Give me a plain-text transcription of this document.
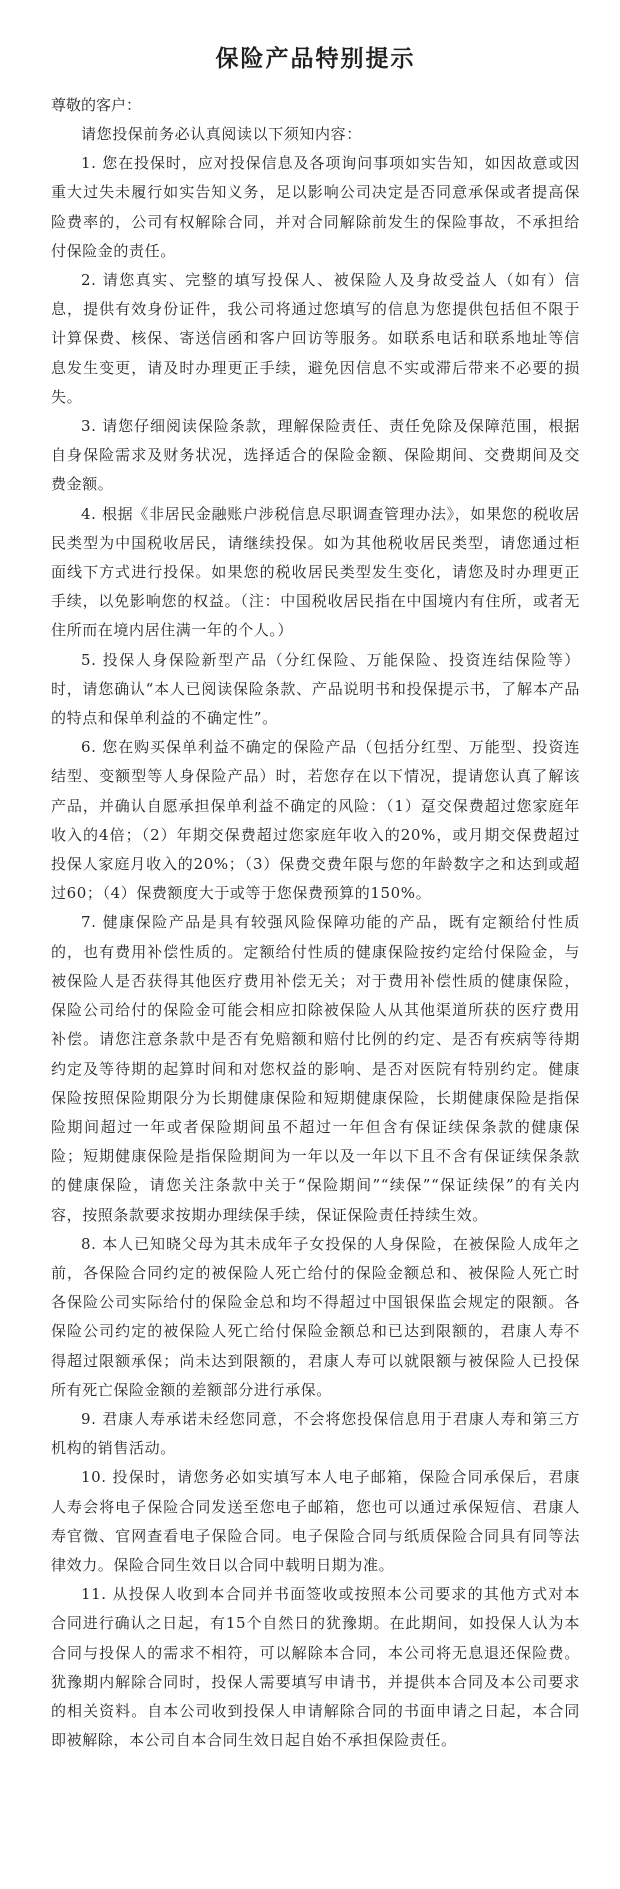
保险产品特别提示

尊敬的客户：

请您投保前务必认真阅读以下须知内容：

1. 您在投保时，应对投保信息及各项询问事项如实告知，如因故意或因重大过失未履行如实告知义务，足以影响公司决定是否同意承保或者提高保险费率的，公司有权解除合同，并对合同解除前发生的保险事故，不承担给付保险金的责任。

2. 请您真实、完整的填写投保人、被保险人及身故受益人（如有）信息，提供有效身份证件，我公司将通过您填写的信息为您提供包括但不限于计算保费、核保、寄送信函和客户回访等服务。如联系电话和联系地址等信息发生变更，请及时办理更正手续，避免因信息不实或滞后带来不必要的损失。

3. 请您仔细阅读保险条款，理解保险责任、责任免除及保障范围，根据自身保险需求及财务状况，选择适合的保险金额、保险期间、交费期间及交费金额。

4. 根据《非居民金融账户涉税信息尽职调查管理办法》，如果您的税收居民类型为中国税收居民，请继续投保。如为其他税收居民类型，请您通过柜面线下方式进行投保。如果您的税收居民类型发生变化，请您及时办理更正手续，以免影响您的权益。（注：中国税收居民指在中国境内有住所，或者无住所而在境内居住满一年的个人。）

5. 投保人身保险新型产品（分红保险、万能保险、投资连结保险等）时，请您确认“本人已阅读保险条款、产品说明书和投保提示书，了解本产品的特点和保单利益的不确定性”。

6. 您在购买保单利益不确定的保险产品（包括分红型、万能型、投资连结型、变额型等人身保险产品）时，若您存在以下情况，提请您认真了解该产品，并确认自愿承担保单利益不确定的风险：（1）趸交保费超过您家庭年收入的4倍；（2）年期交保费超过您家庭年收入的20%，或月期交保费超过投保人家庭月收入的20%；（3）保费交费年限与您的年龄数字之和达到或超过60；（4）保费额度大于或等于您保费预算的150%。

7. 健康保险产品是具有较强风险保障功能的产品，既有定额给付性质的，也有费用补偿性质的。定额给付性质的健康保险按约定给付保险金，与被保险人是否获得其他医疗费用补偿无关；对于费用补偿性质的健康保险，保险公司给付的保险金可能会相应扣除被保险人从其他渠道所获的医疗费用补偿。请您注意条款中是否有免赔额和赔付比例的约定、是否有疾病等待期约定及等待期的起算时间和对您权益的影响、是否对医院有特别约定。健康保险按照保险期限分为长期健康保险和短期健康保险，长期健康保险是指保险期间超过一年或者保险期间虽不超过一年但含有保证续保条款的健康保险；短期健康保险是指保险期间为一年以及一年以下且不含有保证续保条款的健康保险，请您关注条款中关于“保险期间”“续保”“保证续保”的有关内容，按照条款要求按期办理续保手续，保证保险责任持续生效。

8. 本人已知晓父母为其未成年子女投保的人身保险，在被保险人成年之前，各保险合同约定的被保险人死亡给付的保险金额总和、被保险人死亡时各保险公司实际给付的保险金总和均不得超过中国银保监会规定的限额。各保险公司约定的被保险人死亡给付保险金额总和已达到限额的，君康人寿不得超过限额承保；尚未达到限额的，君康人寿可以就限额与被保险人已投保所有死亡保险金额的差额部分进行承保。

9. 君康人寿承诺未经您同意，不会将您投保信息用于君康人寿和第三方机构的销售活动。

10. 投保时，请您务必如实填写本人电子邮箱，保险合同承保后，君康人寿会将电子保险合同发送至您电子邮箱，您也可以通过承保短信、君康人寿官微、官网查看电子保险合同。电子保险合同与纸质保险合同具有同等法律效力。保险合同生效日以合同中载明日期为准。

11. 从投保人收到本合同并书面签收或按照本公司要求的其他方式对本合同进行确认之日起，有15个自然日的犹豫期。在此期间，如投保人认为本合同与投保人的需求不相符，可以解除本合同，本公司将无息退还保险费。犹豫期内解除合同时，投保人需要填写申请书，并提供本合同及本公司要求的相关资料。自本公司收到投保人申请解除合同的书面申请之日起，本合同即被解除，本公司自本合同生效日起自始不承担保险责任。
